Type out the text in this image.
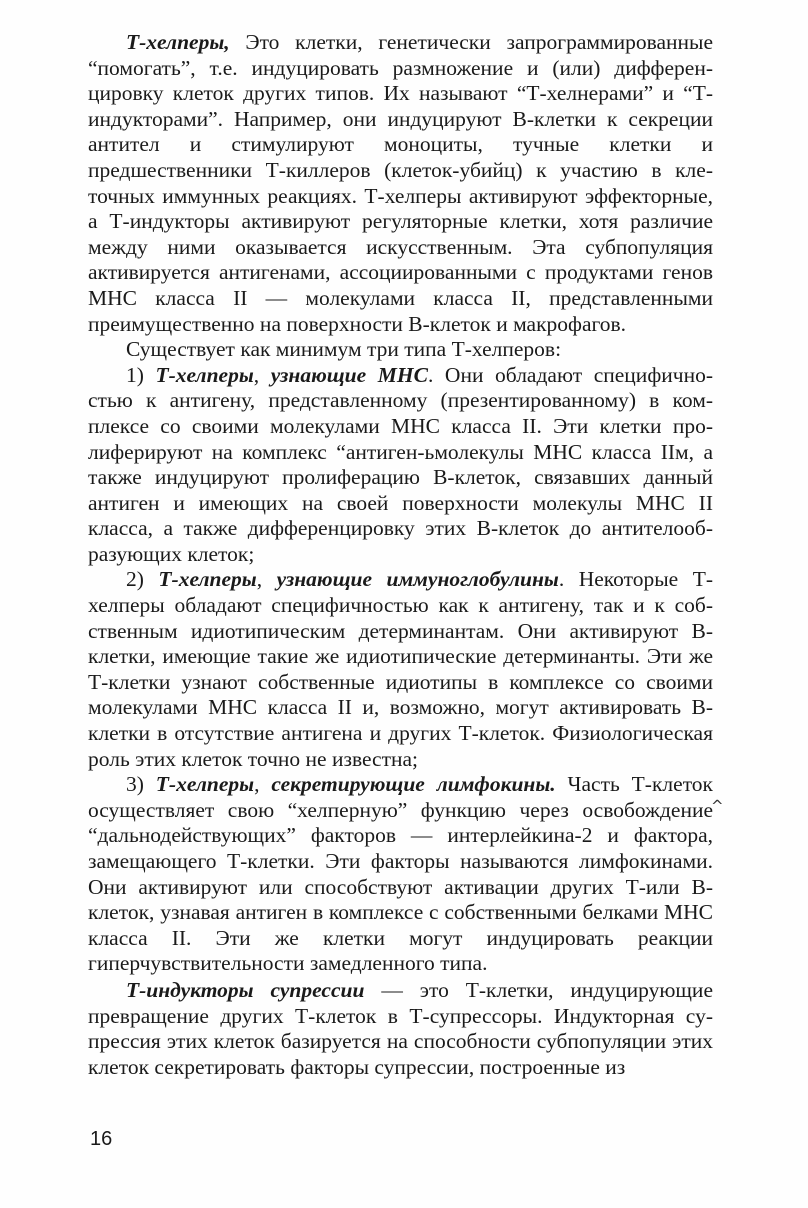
Т-хелперы, Это клетки, генетически запрограммированные “помогать”, т.е. индуцировать размножение и (или) дифференцировку клеток других типов. Их называют “Т-хелнерами” и “Т-индукторами”. Например, они индуцируют В-клетки к секреции антител и стимулируют моноциты, тучные клетки и предшественники Т-киллеров (клеток-убийц) к участию в клеточных иммунных реакциях. Т-хелперы активируют эффекторные, а Т-индукторы активируют регуляторные клетки, хотя различие между ними оказывается искусственным. Эта субпопуляция активируется антигенами, ассоциированными с продуктами генов МНС класса II — молекулами класса II, представленными преимущественно на поверхности В-клеток и макрофагов.

Существует как минимум три типа Т-хелперов:

1) Т-хелперы, узнающие МНС. Они обладают специфичностью к антигену, представленному (презентированному) в комплексе со своими молекулами МНС класса II. Эти клетки пролиферируют на комплекс “антиген-ьмолекулы МНС класса IIм, а также индуцируют пролиферацию В-клеток, связавших данный антиген и имеющих на своей поверхности молекулы МНС II класса, а также дифференцировку этих В-клеток до антителообразующих клеток;

2) Т-хелперы, узнающие иммуноглобулины. Некоторые Т-хелперы обладают специфичностью как к антигену, так и к собственным идиотипическим детерминантам. Они активируют В-клетки, имеющие такие же идиотипические детерминанты. Эти же Т-клетки узнают собственные идиотипы в комплексе со своими молекулами МНС класса II и, возможно, могут активировать В-клетки в отсутствие антигена и других Т-клеток. Физиологическая роль этих клеток точно не известна;

3) Т-хелперы, секретирующие лимфокины. Часть Т-клеток осуществляет свою “хелперную” функцию через освобождение “дальнодействующих” факторов — интерлейкина-2 и фактора, замещающего Т-клетки. Эти факторы называются лимфокинами. Они активируют или способствуют активации других Т-или В-клеток, узнавая антиген в комплексе с собственными белками МНС класса II. Эти же клетки могут индуцировать реакции гиперчувствительности замедленного типа.

Т-индукторы супрессии — это Т-клетки, индуцирующие превращение других Т-клеток в Т-супрессоры. Индукторная супрессия этих клеток базируется на способности субпопуляции этих клеток секретировать факторы супрессии, построенные из

^
16
